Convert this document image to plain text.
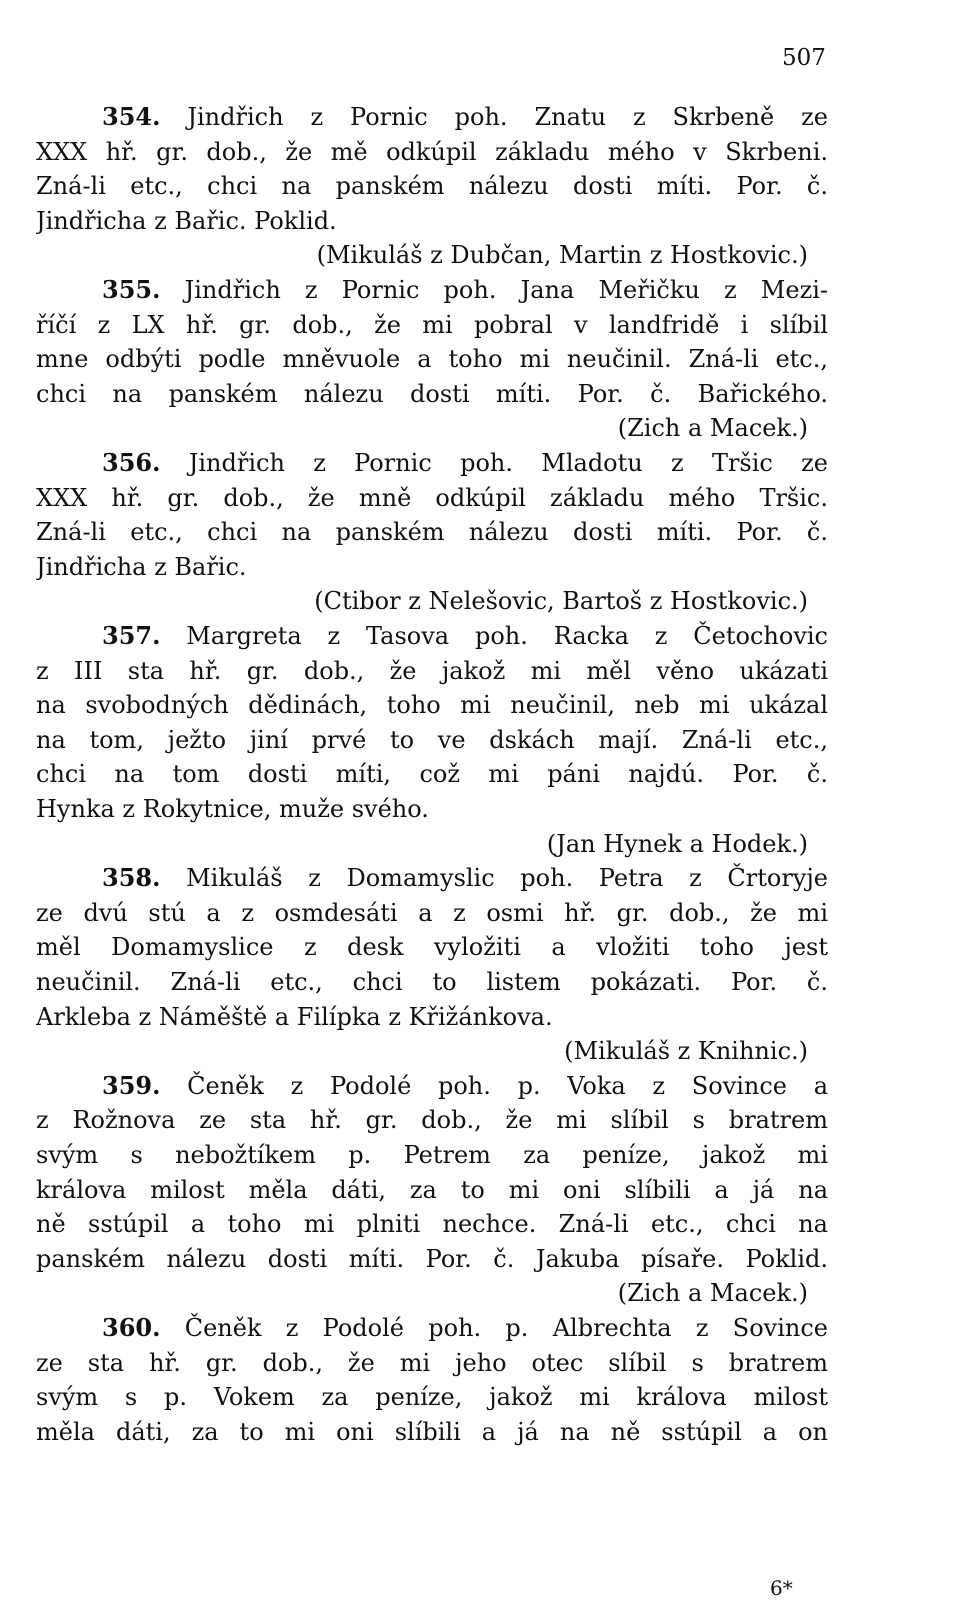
507
354. Jindřich z Pornic poh. Znatu z Skrbeně ze
XXX hř. gr. dob., že mě odkúpil základu mého v Skrbeni.
Zná-li etc., chci na panském nálezu dosti míti. Por. č.
Jindřicha z Bařic. Poklid.
(Mikuláš z Dubčan, Martin z Hostkovic.)
355. Jindřich z Pornic poh. Jana Meřičku z Mezi-
říčí z LX hř. gr. dob., že mi pobral v landfridě i slíbil
mne odbýti podle mněvuole a toho mi neučinil. Zná-li etc.,
chci na panském nálezu dosti míti. Por. č. Bařického.
(Zich a Macek.)
356. Jindřich z Pornic poh. Mladotu z Tršic ze
XXX hř. gr. dob., že mně odkúpil základu mého Tršic.
Zná-li etc., chci na panském nálezu dosti míti. Por. č.
Jindřicha z Bařic.
(Ctibor z Nelešovic, Bartoš z Hostkovic.)
357. Margreta z Tasova poh. Racka z Četochovic
z III sta hř. gr. dob., že jakož mi měl věno ukázati
na svobodných dědinách, toho mi neučinil, neb mi ukázal
na tom, ježto jiní prvé to ve dskách mají. Zná-li etc.,
chci na tom dosti míti, což mi páni najdú. Por. č.
Hynka z Rokytnice, muže svého.
(Jan Hynek a Hodek.)
358. Mikuláš z Domamyslic poh. Petra z Črtoryje
ze dvú stú a z osmdesáti a z osmi hř. gr. dob., že mi
měl Domamyslice z desk vyložiti a vložiti toho jest
neučinil. Zná-li etc., chci to listem pokázati. Por. č.
Arkleba z Náměště a Filípka z Křižánkova.
(Mikuláš z Knihnic.)
359. Čeněk z Podolé poh. p. Voka z Sovince a
z Rožnova ze sta hř. gr. dob., že mi slíbil s bratrem
svým s nebožtíkem p. Petrem za peníze, jakož mi
králova milost měla dáti, za to mi oni slíbili a já na
ně sstúpil a toho mi plniti nechce. Zná-li etc., chci na
panském nálezu dosti míti. Por. č. Jakuba písaře. Poklid.
(Zich a Macek.)
360. Čeněk z Podolé poh. p. Albrechta z Sovince
ze sta hř. gr. dob., že mi jeho otec slíbil s bratrem
svým s p. Vokem za peníze, jakož mi králova milost
měla dáti, za to mi oni slíbili a já na ně sstúpil a on
6*
